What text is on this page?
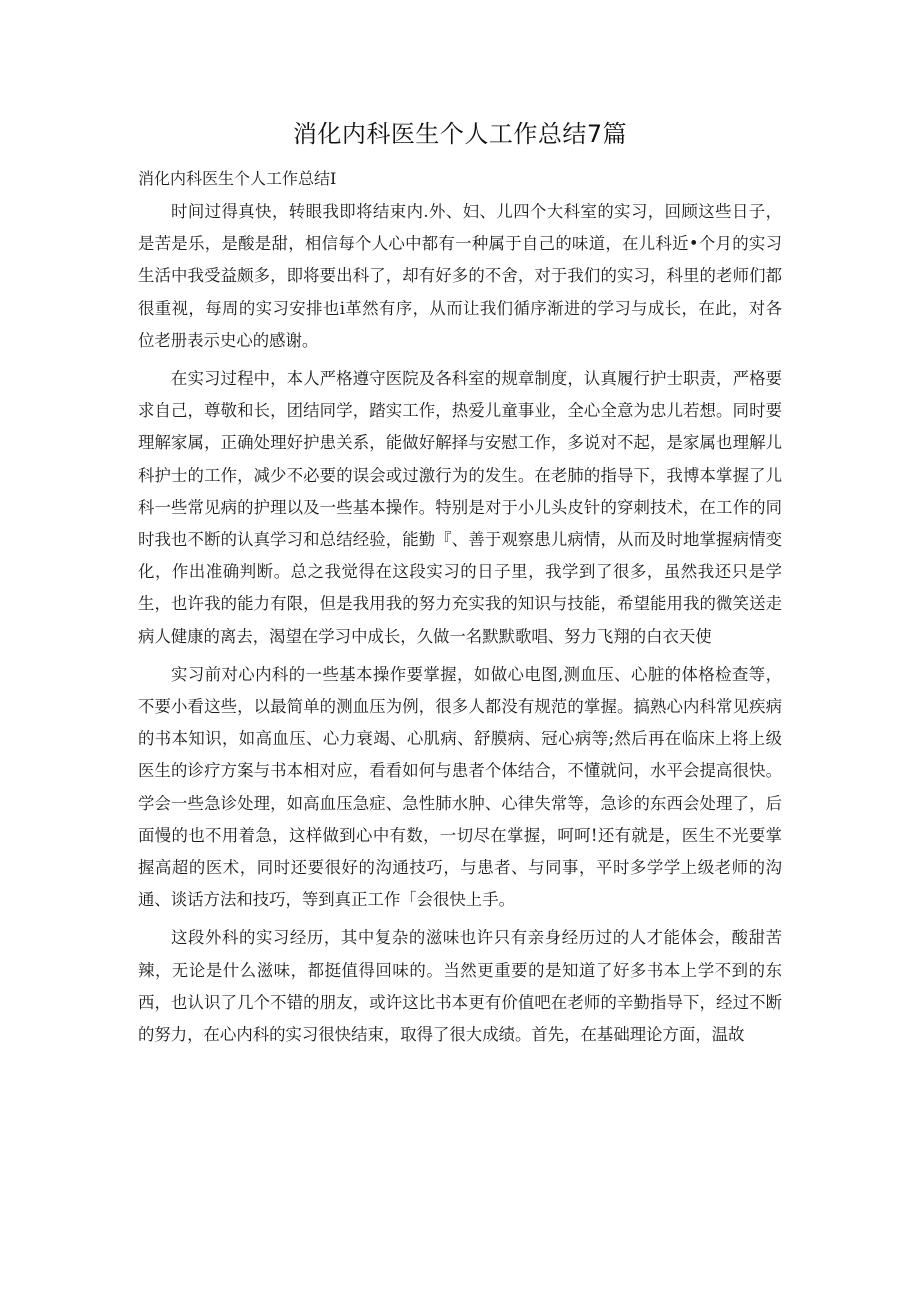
消化内科医生个人工作总结7篇

消化内科医生个人工作总结I

时间过得真快，转眼我即将结束内.外、妇、儿四个大科室的实习，回顾这些日子，是苦是乐，是酸是甜，相信每个人心中都有一种属于自己的味道，在儿科近•个月的实习生活中我受益颇多，即将要出科了，却有好多的不舍，对于我们的实习，科里的老师们都很重视，每周的实习安排也i革然有序，从而让我们循序渐进的学习与成长，在此，对各位老册表示史心的感谢。

在实习过程中，本人严格遵守医院及各科室的规章制度，认真履行护士职责，严格要求自己，尊敬和长，团结同学，踏实工作，热爱儿童事业，全心全意为忠儿若想。同时要理解家属，正确处理好护患关系，能做好解择与安慰工作，多说对不起，是家属也理解儿科护士的工作，减少不必要的误会或过激行为的发生。在老肺的指导下，我博本掌握了儿科一些常见病的护理以及一些基本操作。特别是对于小儿头皮针的穿刺技术，在工作的同时我也不断的认真学习和总结经验，能勤『、善于观察患儿病情，从而及时地掌握病情变化，作出准确判断。总之我觉得在这段实习的日子里，我学到了很多，虽然我还只是学生，也许我的能力有限，但是我用我的努力充实我的知识与技能，希望能用我的微笑送走病人健康的离去，渴望在学习中成长，久做一名默默歌唱、努力飞翔的白衣天使

实习前对心内科的一些基本操作要掌握，如做心电图,测血压、心脏的体格检查等，不要小看这些，以最简单的测血压为例，很多人都没有规范的掌握。搞熟心内科常见疾病的书本知识，如高血压、心力衰竭、心肌病、舒膜病、冠心病等;然后再在临床上将上级医生的诊疗方案与书本相对应，看看如何与患者个体结合，不懂就问，水平会提高很快。学会一些急诊处理，如高血压急症、急性肺水肿、心律失常等，急诊的东西会处理了，后面慢的也不用着急，这样做到心中有数，一切尽在掌握，呵呵!还有就是，医生不光要掌握高超的医术，同时还要很好的沟通技巧，与患者、与同事，平时多学学上级老师的沟通、谈话方法和技巧，等到真正工作「会很快上手。

这段外科的实习经历，其中复杂的滋味也许只有亲身经历过的人才能体会，酸甜苦辣，无论是什么滋味，都挺值得回味的。当然更重要的是知道了好多书本上学不到的东西，也认识了几个不错的朋友，或许这比书本更有价值吧在老师的辛勤指导下，经过不断的努力，在心内科的实习很快结束，取得了很大成绩。首先，在基础理论方面，温故
